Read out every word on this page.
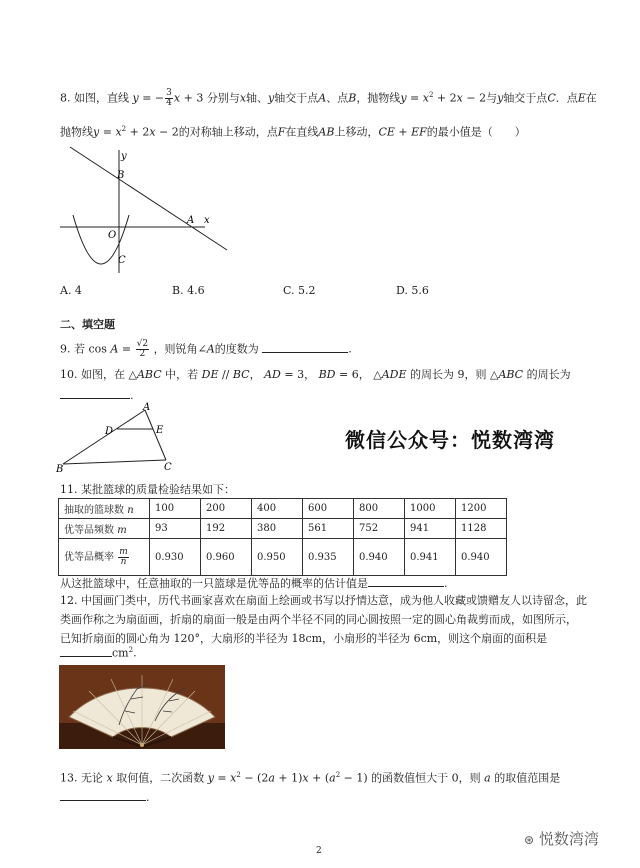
8. 如图，直线 y = − $\frac{3}{4}$ x + 3 分别与x轴、y轴交于点A、点B，抛物线$y = x^2 + 2x - 2$与y轴交于点C．点E在
抛物线$y = x^2 + 2x - 2$的对称轴上移动，点F在直线AB上移动，CE + EF的最小值是（　　）
y
B
A x
O
C
A. 4	B. 4.6	C. 5.2	D. 5.6
二、填空题
9. 若 $\cos A = \frac{√2}{2}$ ，则锐角∠A的度数为	.
10. 如图，在 △ABC 中，若 DE // BC， AD = 3， BD = 6， △ADE 的周长为 9，则 △ABC 的周长为
.
A
D	E
B	C
微信公众号：悦数湾湾
11. 某批篮球的质量检验结果如下：
抽取的篮球数 n	100	200	400	600	800	1000	1200
优等品频数 m	93	192	380	561	752	941	1128
优等品概率 $\frac{m}{n}$	0.930	0.960	0.950	0.935	0.940	0.941	0.940
从这批篮球中，任意抽取的一只篮球是优等品的概率的估计值是	.
12. 中国画门类中，历代书画家喜欢在扇面上绘画或书写以抒情达意，成为他人收藏或馈赠友人以诗留念，此
类画作称之为扇面画，折扇的扇面一般是由两个半径不同的同心圆按照一定的圆心角裁剪而成，如图所示，
已知折扇面的圆心角为 120°，大扇形的半径为 18cm，小扇形的半径为 6cm，则这个扇面的面积是
$cm^2$.
13. 无论 x 取何值，二次函数 $y = x^2 - (2a + 1)x + (a^2 - 1)$ 的函数值恒大于 0，则 a 的取值范围是
.
2
⊛ 悦数湾湾
